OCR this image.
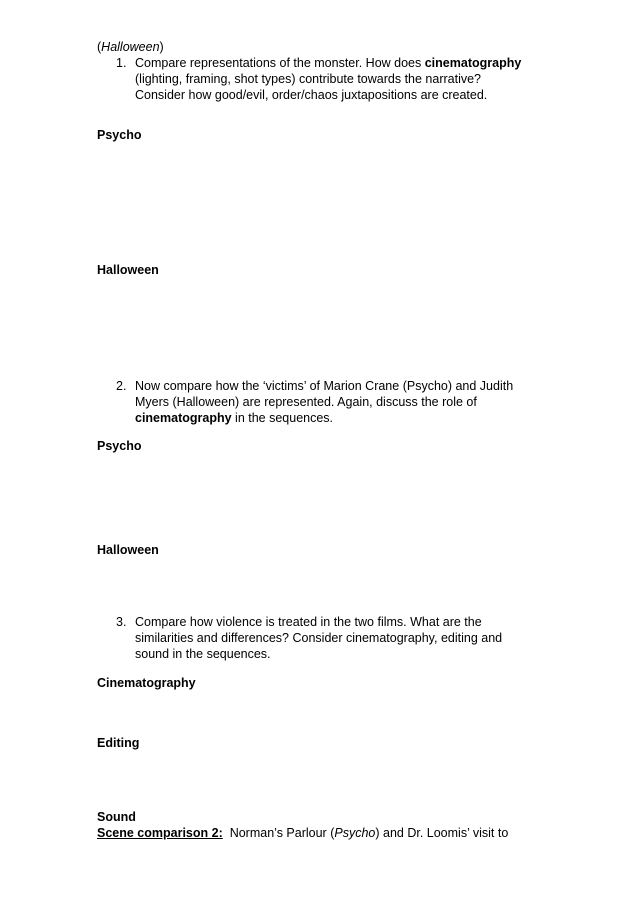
(Halloween)
1. Compare representations of the monster. How does cinematography
(lighting, framing, shot types) contribute towards the narrative?
Consider how good/evil, order/chaos juxtapositions are created.
Psycho
Halloween
2. Now compare how the ‘victims’ of Marion Crane (Psycho) and Judith
Myers (Halloween) are represented. Again, discuss the role of
cinematography in the sequences.
Psycho
Halloween
3. Compare how violence is treated in the two films. What are the
similarities and differences? Consider cinematography, editing and
sound in the sequences.
Cinematography
Editing
Sound
Scene comparison 2:  Norman’s Parlour (Psycho) and Dr. Loomis’ visit to
